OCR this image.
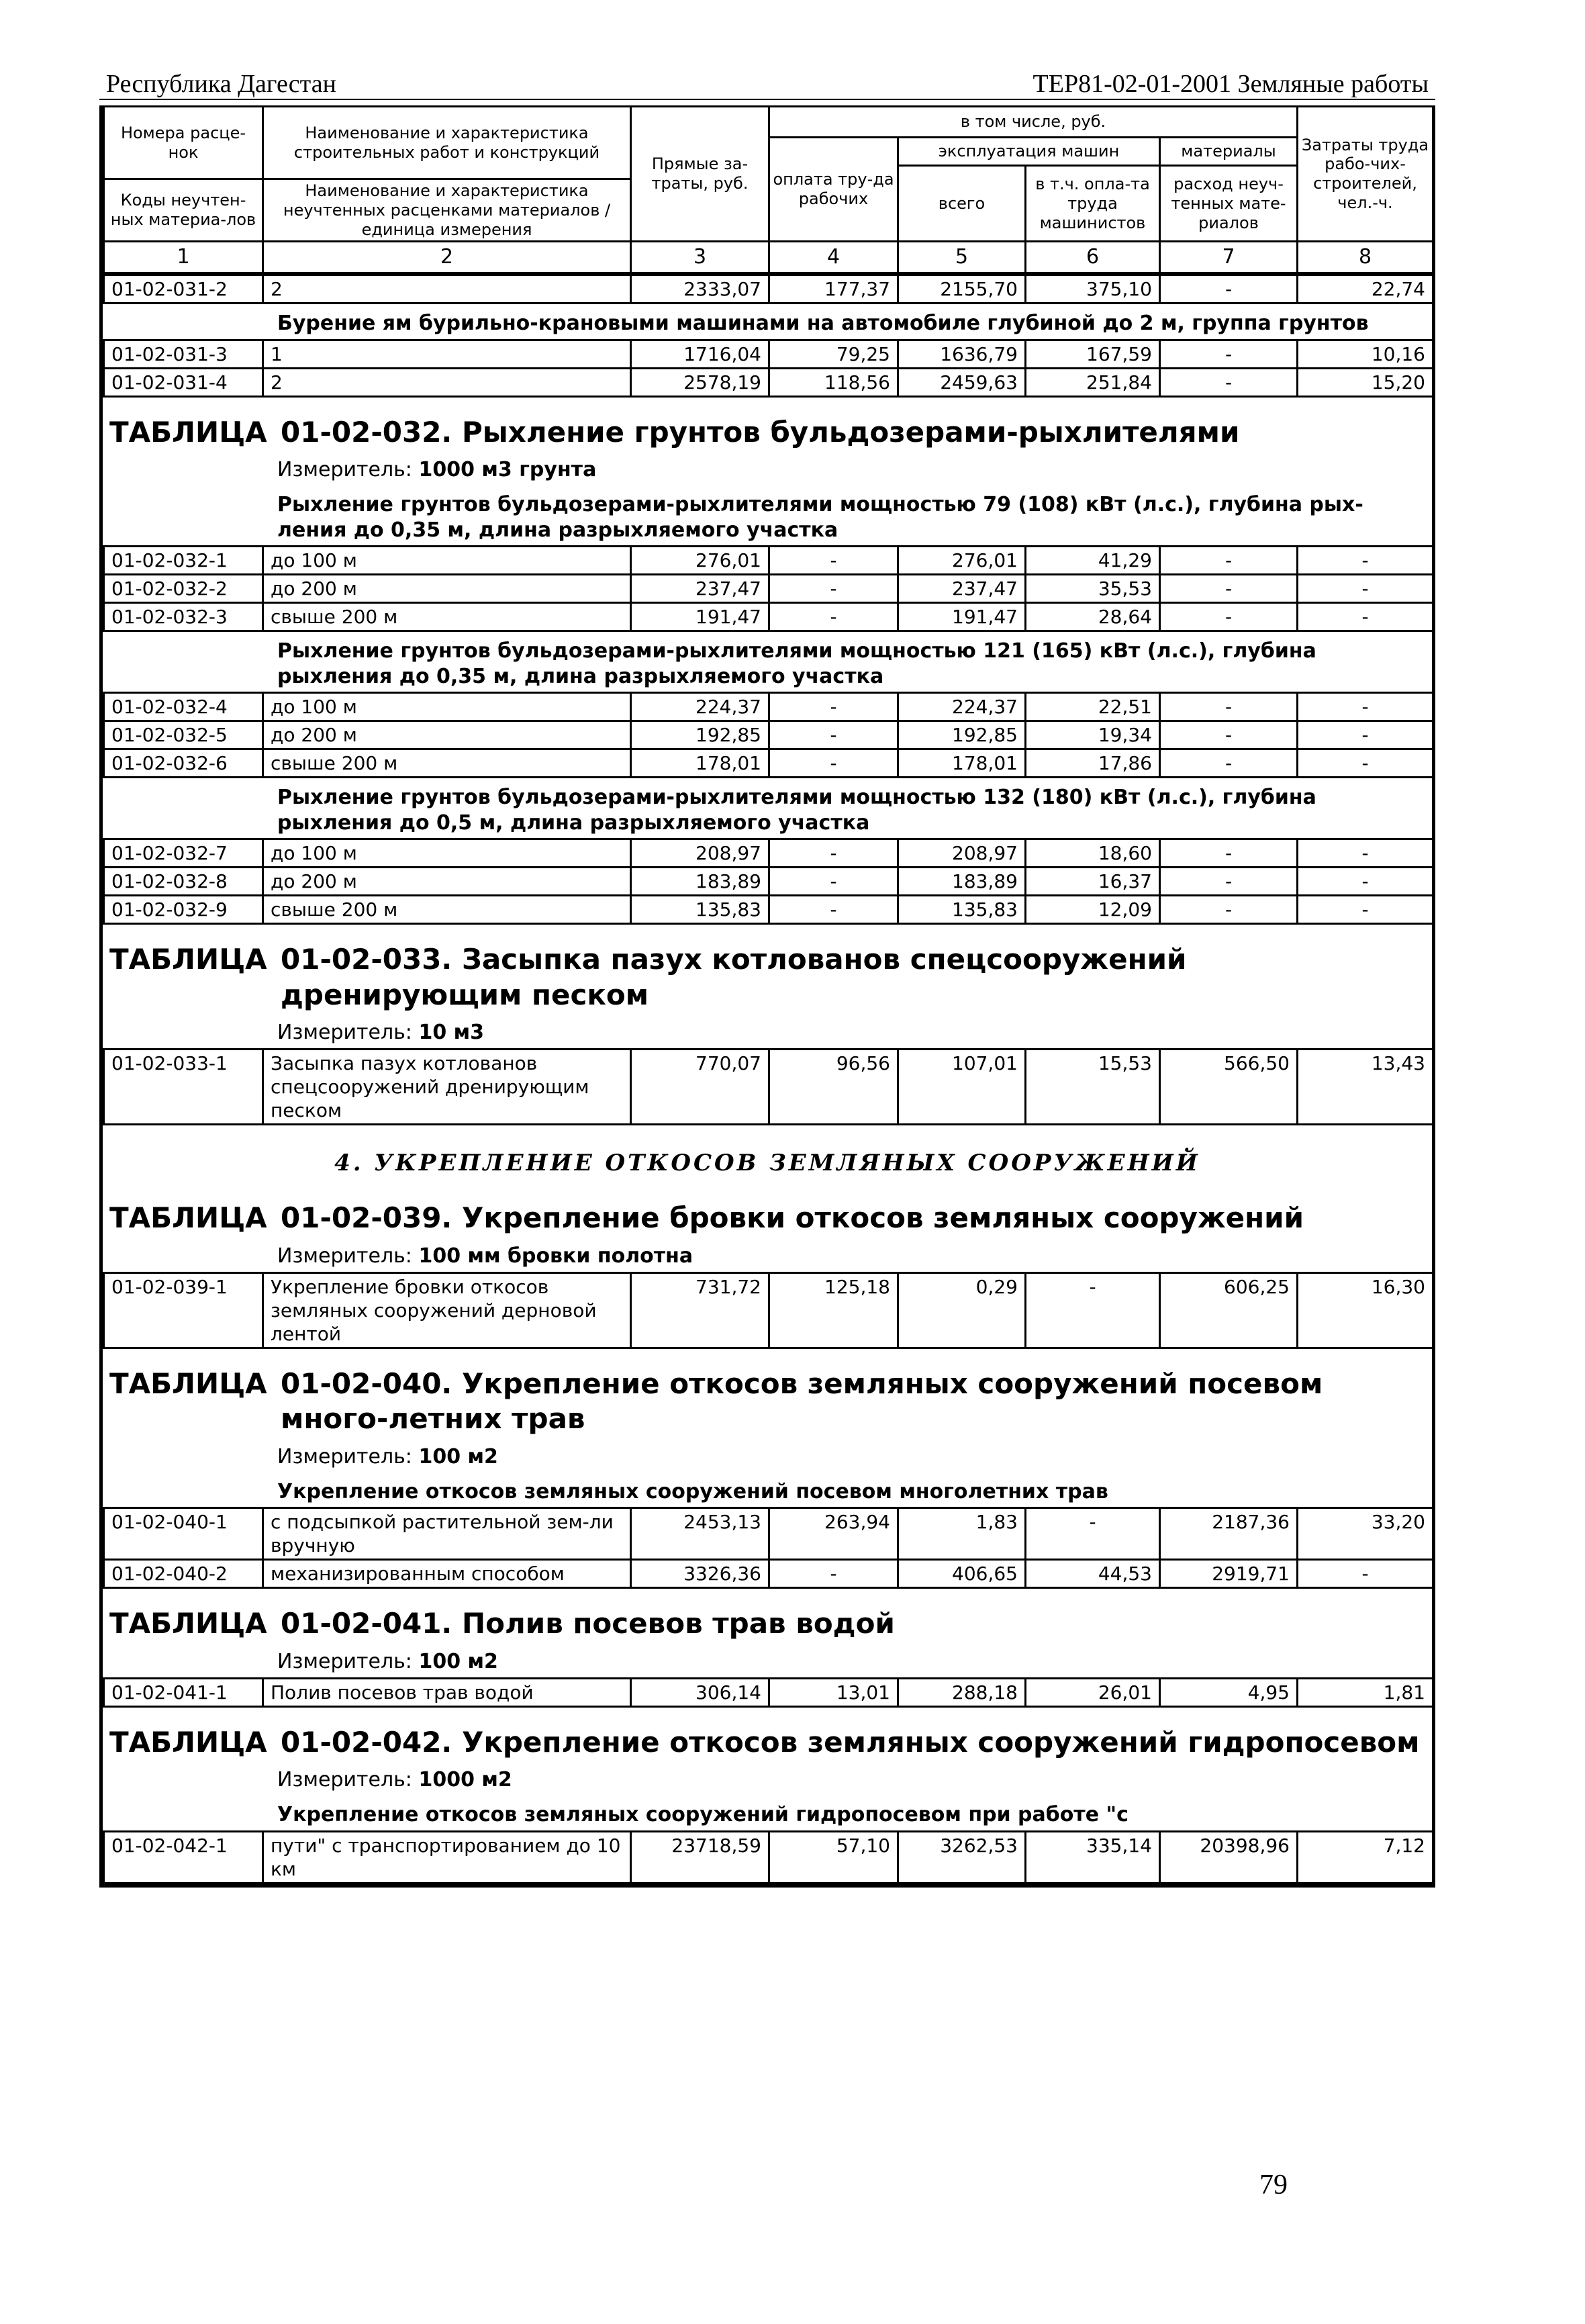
Республика Дагестан	ТЕР81-02-01-2001 Земляные работы
Номера расце-нок	Наименование и характеристика строительных работ и конструкций	Прямые за-траты, руб.	в том числе, руб.				Затраты труда рабо-чих-строителей, чел.-ч.
			оплата тру-да рабочих	эксплуатация машин		материалы	
				всего	в т.ч. опла-та труда машинистов	расход неуч-тенных мате-риалов	
Коды неучтен-ных материа-лов	Наименование и характеристика неучтенных расценками материалов / единица измерения						

1	2	3	4	5	6	7	8
01-02-031-2	2	2333,07	177,37	2155,70	375,10	-	22,74
Бурение ям бурильно-крановыми машинами на автомобиле глубиной до 2 м, группа грунтов
01-02-031-3	1	1716,04	79,25	1636,79	167,59	-	10,16
01-02-031-4	2	2578,19	118,56	2459,63	251,84	-	15,20
ТАБЛИЦА 01-02-032. Рыхление грунтов бульдозерами-рыхлителями
Измеритель: 1000 м3 грунта
Рыхление грунтов бульдозерами-рыхлителями мощностью 79 (108) кВт (л.с.), глубина рых-ления до 0,35 м, длина разрыхляемого участка
01-02-032-1	до 100 м	276,01	-	276,01	41,29	-	-
01-02-032-2	до 200 м	237,47	-	237,47	35,53	-	-
01-02-032-3	свыше 200 м	191,47	-	191,47	28,64	-	-
Рыхление грунтов бульдозерами-рыхлителями мощностью 121 (165) кВт (л.с.), глубина рыхления до 0,35 м, длина разрыхляемого участка
01-02-032-4	до 100 м	224,37	-	224,37	22,51	-	-
01-02-032-5	до 200 м	192,85	-	192,85	19,34	-	-
01-02-032-6	свыше 200 м	178,01	-	178,01	17,86	-	-
Рыхление грунтов бульдозерами-рыхлителями мощностью 132 (180) кВт (л.с.), глубина рыхления до 0,5 м, длина разрыхляемого участка
01-02-032-7	до 100 м	208,97	-	208,97	18,60	-	-
01-02-032-8	до 200 м	183,89	-	183,89	16,37	-	-
01-02-032-9	свыше 200 м	135,83	-	135,83	12,09	-	-
ТАБЛИЦА 01-02-033. Засыпка пазух котлованов спецсооружений дренирующим песком
Измеритель: 10 м3
01-02-033-1	Засыпка пазух котлованов спецсооружений дренирующим песком	770,07	96,56	107,01	15,53	566,50	13,43
4. УКРЕПЛЕНИЕ ОТКОСОВ ЗЕМЛЯНЫХ СООРУЖЕНИЙ
ТАБЛИЦА 01-02-039. Укрепление бровки откосов земляных сооружений
Измеритель: 100 мм бровки полотна
01-02-039-1	Укрепление бровки откосов земляных сооружений дерновой лентой	731,72	125,18	0,29	-	606,25	16,30
ТАБЛИЦА 01-02-040. Укрепление откосов земляных сооружений посевом много-летних трав
Измеритель: 100 м2
Укрепление откосов земляных сооружений посевом многолетних трав
01-02-040-1	с подсыпкой растительной зем-ли вручную	2453,13	263,94	1,83	-	2187,36	33,20
01-02-040-2	механизированным способом	3326,36	-	406,65	44,53	2919,71	-
ТАБЛИЦА 01-02-041. Полив посевов трав водой
Измеритель: 100 м2
01-02-041-1	Полив посевов трав водой	306,14	13,01	288,18	26,01	4,95	1,81
ТАБЛИЦА 01-02-042. Укрепление откосов земляных сооружений гидропосевом
Измеритель: 1000 м2
Укрепление откосов земляных сооружений гидропосевом при работе "с
01-02-042-1	пути" с транспортированием до 10 км	23718,59	57,10	3262,53	335,14	20398,96	7,12
79
